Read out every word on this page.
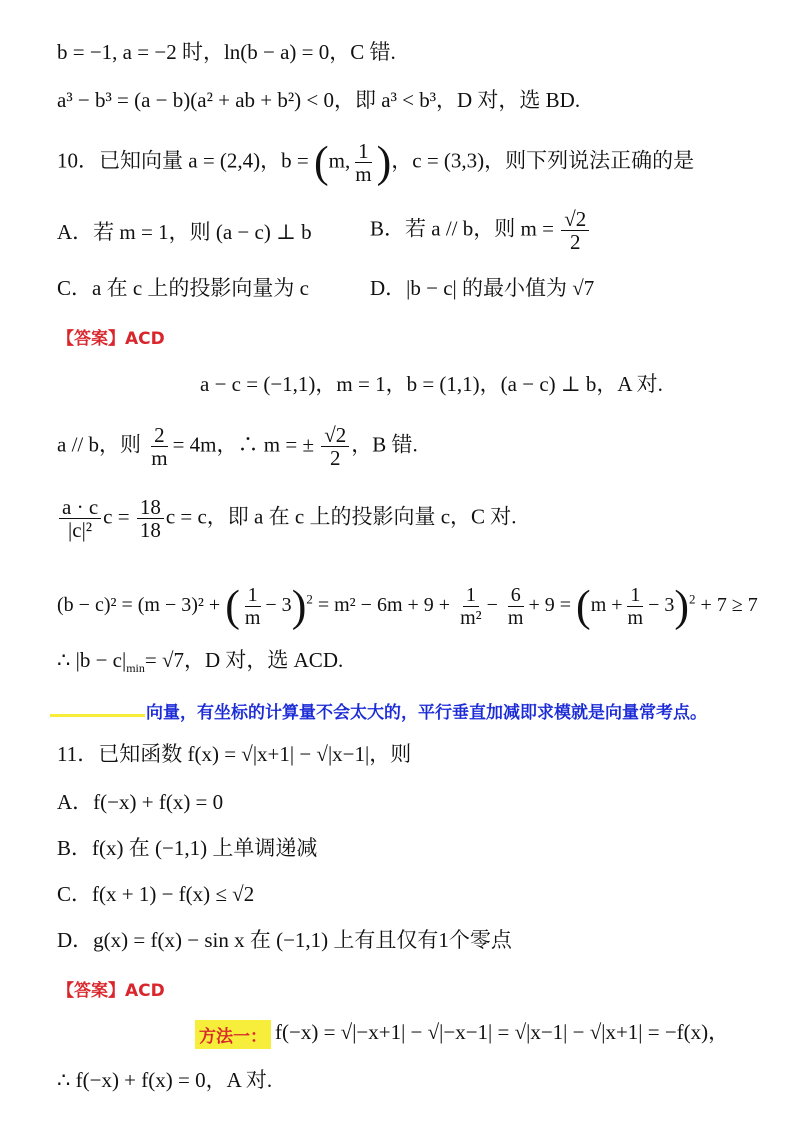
b = −1, a = −2 时，ln(b − a) = 0，C 错.
a³ − b³ = (a − b)(a² + ab + b²) < 0，即 a³ < b³，D 对，选 BD.
10．已知向量 a = (2,4)，b = (m, $\frac{1}{m}$ )，c = (3,3)，则下列说法正确的是
A．若 m = 1，则 (a − c) ⊥ b	B．若 a // b，则 $m = \frac{√2}{2}$
C．a 在 c 上的投影向量为 c	D．|b − c| 的最小值为 √7
【答案】ACD
a − c = (−1,1)，m = 1，b = (1,1)，(a − c) ⊥ b，A 对.
a // b，则 $\frac{2}{m} = 4m$，∴ m = ± $\frac{√2}{2}$ ，B 错.
$\frac{a \cdot c}{\text{|c|²}}$ $c = \frac{18}{18}$ c = c，即 a 在 c 上的投影向量 c，C 对.
(b − c)² = (m − 3)² + ( $\frac{1}{m} - 3)^2 = m^2 - 6m + 9 + \frac{1}{\text{m²}} - \frac{6}{m} + 9 = (m + \frac{1}{m} - 3)^2 + 7 \ge 7$
∴ $|b - c|_{min}= √7$，D 对，选 ACD.
向量，有坐标的计算量不会太大的，平行垂直加减即求模就是向量常考点。
11．已知函数 f(x) = √|x+1| − √|x−1|，则
A．f(−x) + f(x) = 0
B．f(x) 在 (−1,1) 上单调递减
C．f(x + 1) − f(x) ≤ √2
D．g(x) = f(x) − sin x 在 (−1,1) 上有且仅有1个零点
【答案】ACD
方法一： f(−x) = √|−x+1| − √|−x−1| = √|x−1| − √|x+1| = −f(x)，
∴ f(−x) + f(x) = 0，A 对.
